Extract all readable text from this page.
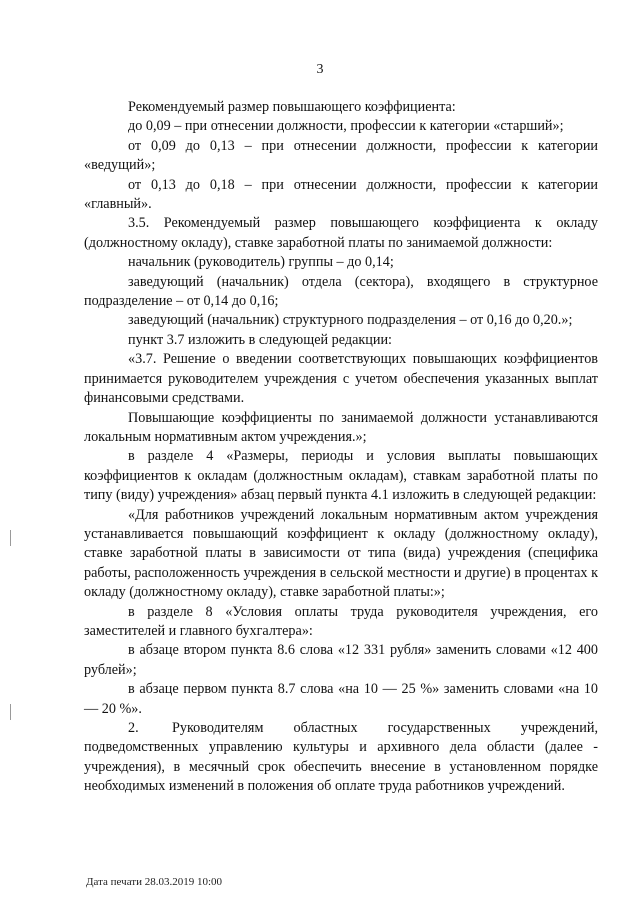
3

Рекомендуемый размер повышающего коэффициента:

до 0,09 – при отнесении должности, профессии к категории «старший»;

от 0,09 до 0,13 – при отнесении должности, профессии к категории «ведущий»;

от 0,13 до 0,18 – при отнесении должности, профессии к категории «главный».

3.5. Рекомендуемый размер повышающего коэффициента к окладу (должностному окладу), ставке заработной платы по занимаемой должности:

начальник (руководитель) группы – до 0,14;

заведующий (начальник) отдела (сектора), входящего в структурное подразделение – от 0,14 до 0,16;

заведующий (начальник) структурного подразделения – от 0,16 до 0,20.»;

пункт 3.7 изложить в следующей редакции:

«3.7. Решение о введении соответствующих повышающих коэффициентов принимается руководителем учреждения с учетом обеспечения указанных выплат финансовыми средствами.

Повышающие коэффициенты по занимаемой должности устанавливаются локальным нормативным актом учреждения.»;

в разделе 4 «Размеры, периоды и условия выплаты повышающих коэффициентов к окладам (должностным окладам), ставкам заработной платы по типу (виду) учреждения» абзац первый пункта 4.1 изложить в следующей редакции:

«Для работников учреждений локальным нормативным актом учреждения устанавливается повышающий коэффициент к окладу (должностному окладу), ставке заработной платы в зависимости от типа (вида) учреждения (специфика работы, расположенность учреждения в сельской местности и другие) в процентах к окладу (должностному окладу), ставке заработной платы:»;

в разделе 8 «Условия оплаты труда руководителя учреждения, его заместителей и главного бухгалтера»:

в абзаце втором пункта 8.6 слова «12 331 рубля» заменить словами «12 400 рублей»;

в абзаце первом пункта 8.7 слова «на 10 — 25 %» заменить словами «на 10 — 20 %».

2. Руководителям областных государственных учреждений, подведомственных управлению культуры и архивного дела области (далее - учреждения), в месячный срок обеспечить внесение в установленном порядке необходимых изменений в положения об оплате труда работников учреждений.

Дата печати 28.03.2019 10:00
